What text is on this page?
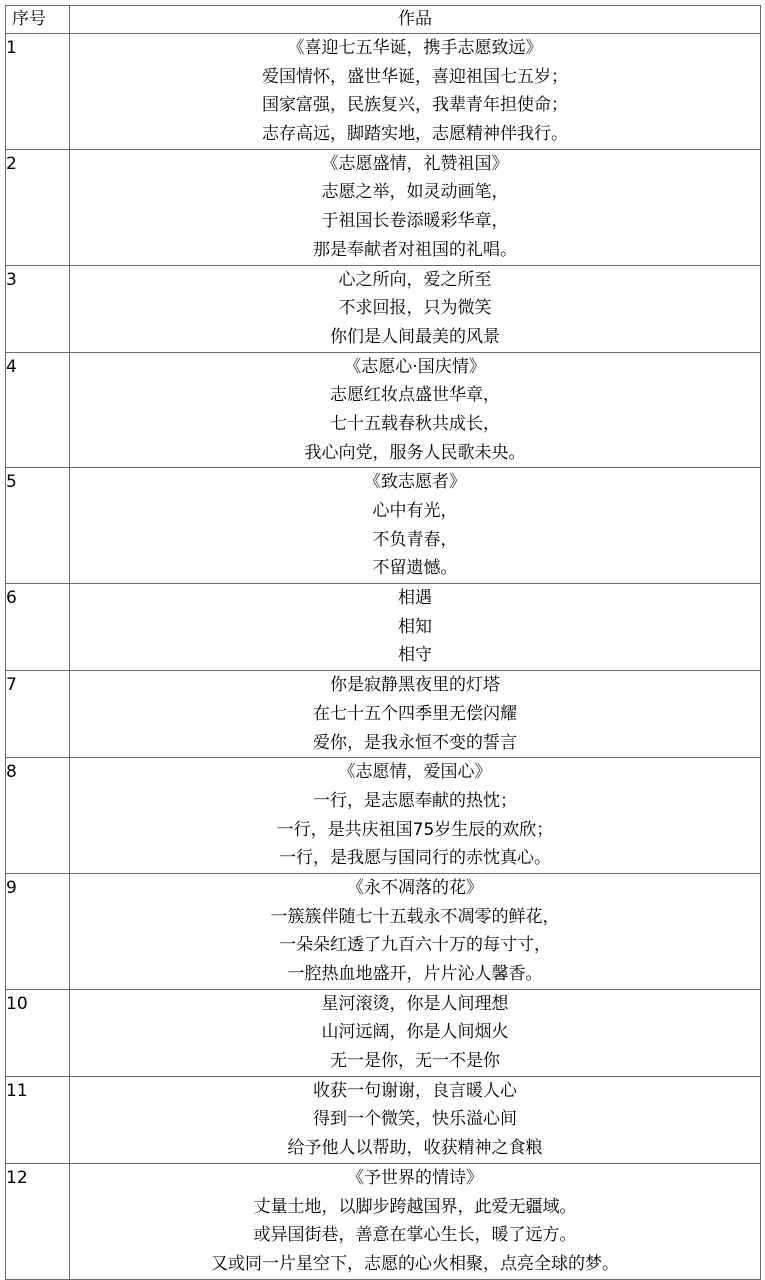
序号	作品

1	《喜迎七五华诞，携手志愿致远》
爱国情怀，盛世华诞，喜迎祖国七五岁；
国家富强，民族复兴，我辈青年担使命；
志存高远，脚踏实地，志愿精神伴我行。

2	《志愿盛情，礼赞祖国》
志愿之举，如灵动画笔，
于祖国长卷添暖彩华章，
那是奉献者对祖国的礼唱。

3	心之所向，爱之所至
不求回报，只为微笑
你们是人间最美的风景

4	《志愿心·国庆情》
志愿红妆点盛世华章，
七十五载春秋共成长，
我心向党，服务人民歌未央。

5	《致志愿者》
心中有光，
不负青春，
不留遗憾。

6	相遇
相知
相守

7	你是寂静黑夜里的灯塔
在七十五个四季里无偿闪耀
爱你，是我永恒不变的誓言

8	《志愿情，爱国心》
一行，是志愿奉献的热忱；
一行，是共庆祖国75岁生辰的欢欣；
一行，是我愿与国同行的赤忱真心。

9	《永不凋落的花》
一簇簇伴随七十五载永不凋零的鲜花，
一朵朵红透了九百六十万的每寸寸，
一腔热血地盛开，片片沁人馨香。

10	星河滚烫，你是人间理想
山河远阔，你是人间烟火
无一是你，无一不是你

11	收获一句谢谢，良言暖人心
得到一个微笑，快乐溢心间
给予他人以帮助，收获精神之食粮

12	《予世界的情诗》
丈量土地，以脚步跨越国界，此爱无疆域。
或异国街巷，善意在掌心生长，暖了远方。
又或同一片星空下，志愿的心火相聚，点亮全球的梦。
